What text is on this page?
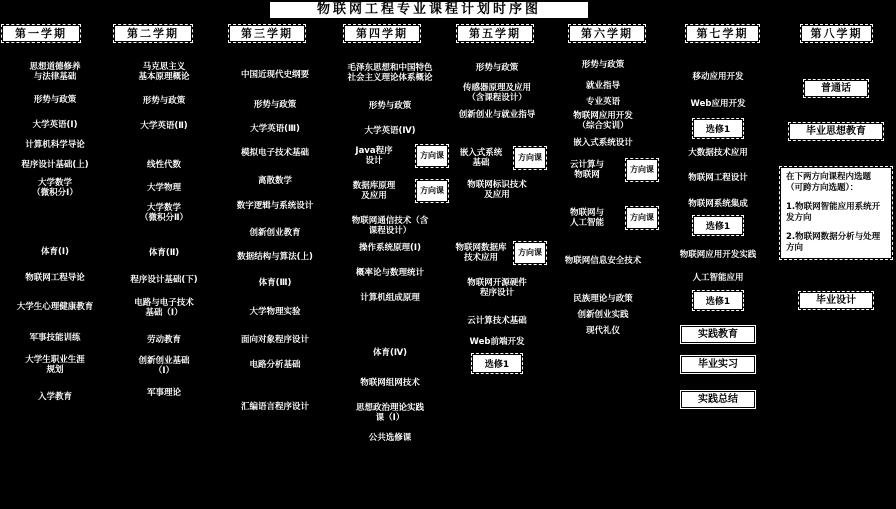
物联网工程专业课程计划时序图
第一学期
思想道德修养
与法律基础
形势与政策
大学英语(Ⅰ)
计算机科学导论
程序设计基础(上)
大学数学
（微积分Ⅰ）
体育(Ⅰ)
物联网工程导论
大学生心理健康教育
军事技能训练
大学生职业生涯
规划
入学教育
第二学期
马克思主义
基本原理概论
形势与政策
大学英语(Ⅱ)
线性代数
大学物理
大学数学
（微积分Ⅱ）
体育(Ⅱ)
程序设计基础(下)
电路与电子技术
基础（Ⅰ）
劳动教育
创新创业基础
（Ⅰ）
军事理论
第三学期
中国近现代史纲要
形势与政策
大学英语(Ⅲ)
模拟电子技术基础
离散数学
数字逻辑与系统设计
创新创业教育
数据结构与算法(上)
体育(Ⅲ)
大学物理实验
面向对象程序设计
电路分析基础
汇编语言程序设计
第四学期
毛泽东思想和中国特色
社会主义理论体系概论
形势与政策
大学英语(Ⅳ)
Java程序
设计
方向课
数据库原理
及应用
方向课
物联网通信技术（含
课程设计）
操作系统原理(Ⅰ)
概率论与数理统计
计算机组成原理
体育(Ⅳ)
物联网组网技术
思想政治理论实践
课（Ⅰ）
公共选修课
第五学期
形势与政策
传感器原理及应用
（含课程设计）
创新创业与就业指导
嵌入式系统
基础
方向课
物联网标识技术
及应用
物联网数据库
技术应用
方向课
物联网开源硬件
程序设计
云计算技术基础
Web前端开发
选修1
第六学期
形势与政策
就业指导
专业英语
物联网应用开发
（综合实训）
嵌入式系统设计
云计算与
物联网
方向课
物联网与
人工智能
方向课
物联网信息安全技术
民族理论与政策
创新创业实践
现代礼仪
第七学期
移动应用开发
Web应用开发
选修1
大数据技术应用
物联网工程设计
物联网系统集成
选修1
物联网应用开发实践
人工智能应用
选修1
实践教育
毕业实习
实践总结
第八学期
普通话
毕业思想教育

在下两方向课程内选题（可跨方向选题）：

1.物联网智能应用系统开发方向

2.物联网数据分析与处理方向

毕业设计
